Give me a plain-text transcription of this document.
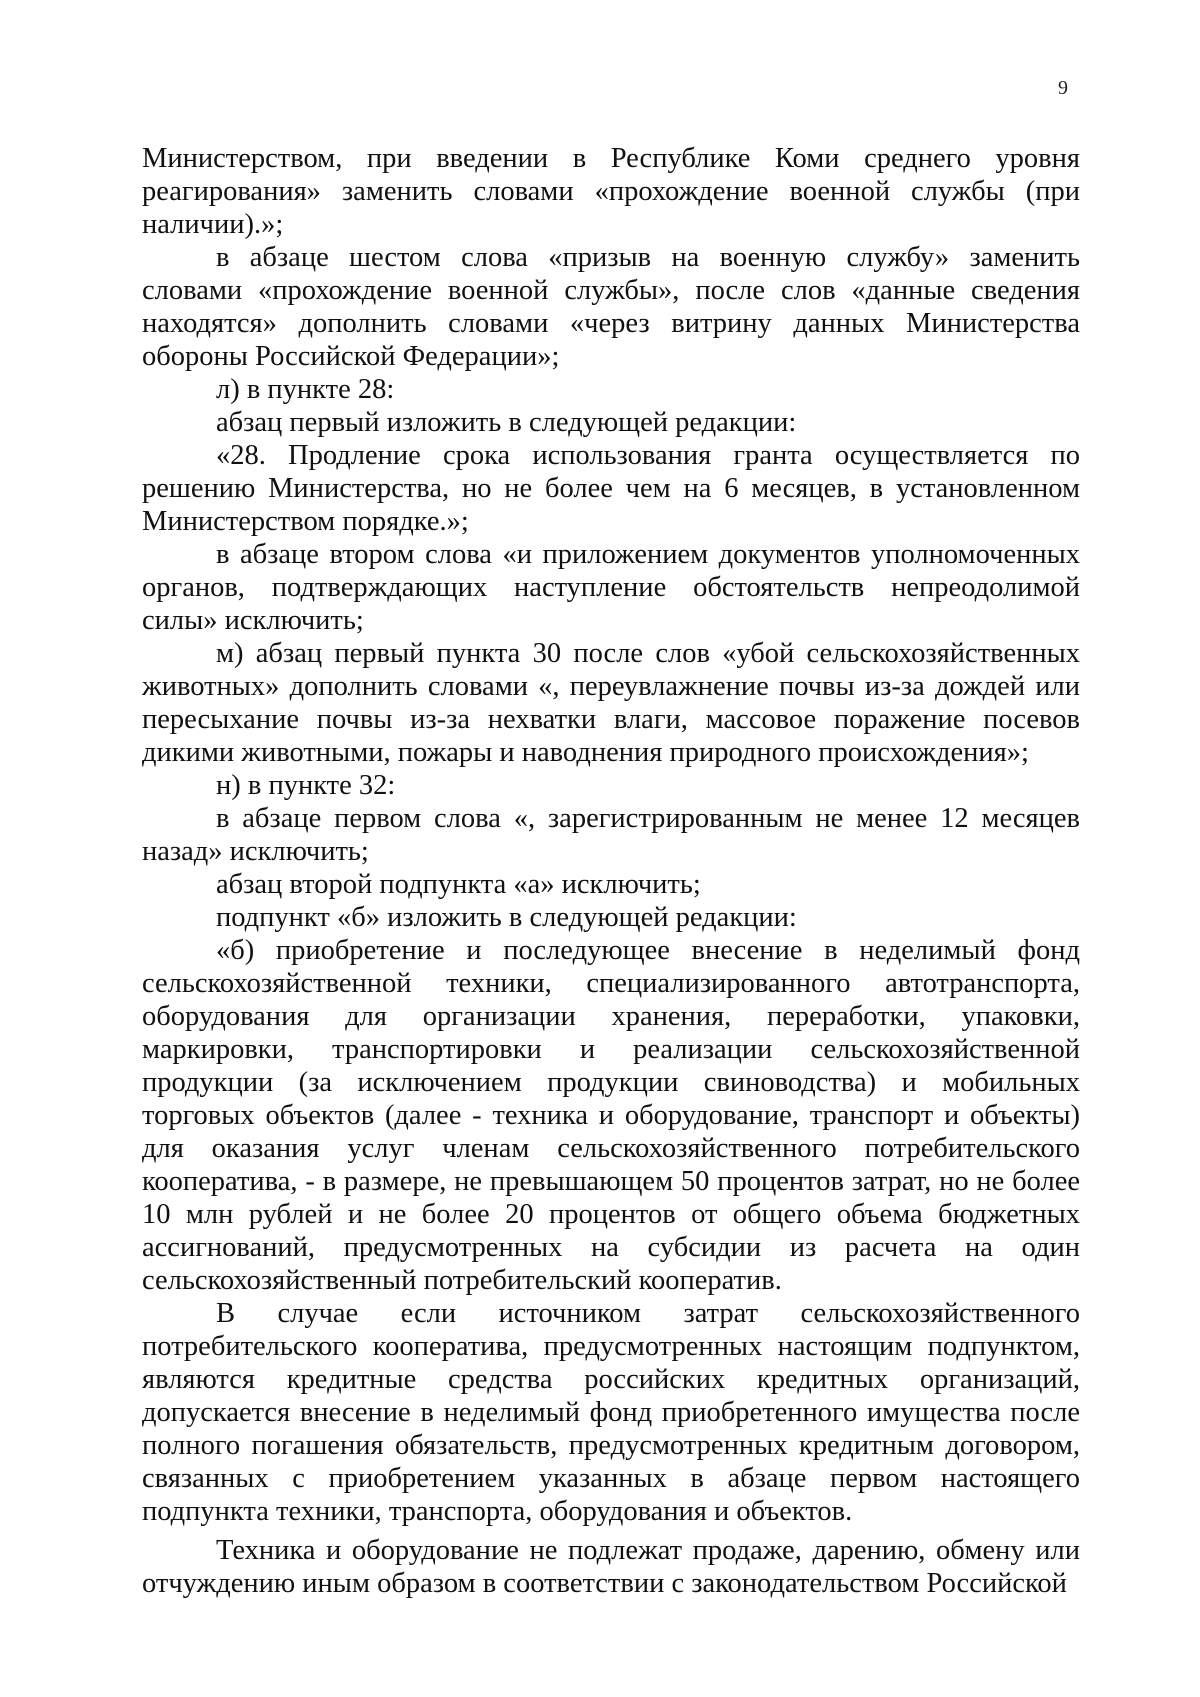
9

Министерством, при введении в Республике Коми среднего уровня реагирования» заменить словами «прохождение военной службы (при наличии).»;

в абзаце шестом слова «призыв на военную службу» заменить словами «прохождение военной службы», после слов «данные сведения находятся» дополнить словами «через витрину данных Министерства обороны Российской Федерации»;

л) в пункте 28:

абзац первый изложить в следующей редакции:

«28. Продление срока использования гранта осуществляется по решению Министерства, но не более чем на 6 месяцев, в установленном Министерством порядке.»;

в абзаце втором слова «и приложением документов уполномоченных органов, подтверждающих наступление обстоятельств непреодолимой силы» исключить;

м) абзац первый пункта 30 после слов «убой сельскохозяйственных животных» дополнить словами «, переувлажнение почвы из-за дождей или пересыхание почвы из-за нехватки влаги, массовое поражение посевов дикими животными, пожары и наводнения природного происхождения»;

н) в пункте 32:

в абзаце первом слова «, зарегистрированным не менее 12 месяцев назад» исключить;

абзац второй подпункта «а» исключить;

подпункт «б» изложить в следующей редакции:

«б) приобретение и последующее внесение в неделимый фонд сельскохозяйственной техники, специализированного автотранспорта, оборудования для организации хранения, переработки, упаковки, маркировки, транспортировки и реализации сельскохозяйственной продукции (за исключением продукции свиноводства) и мобильных торговых объектов (далее - техника и оборудование, транспорт и объекты) для оказания услуг членам сельскохозяйственного потребительского кооператива, - в размере, не превышающем 50 процентов затрат, но не более 10 млн рублей и не более 20 процентов от общего объема бюджетных ассигнований, предусмотренных на субсидии из расчета на один сельскохозяйственный потребительский кооператив.

В случае если источником затрат сельскохозяйственного потребительского кооператива, предусмотренных настоящим подпунктом, являются кредитные средства российских кредитных организаций, допускается внесение в неделимый фонд приобретенного имущества после полного погашения обязательств, предусмотренных кредитным договором, связанных с приобретением указанных в абзаце первом настоящего подпункта техники, транспорта, оборудования и объектов.

Техника и оборудование не подлежат продаже, дарению, обмену или отчуждению иным образом в соответствии с законодательством Российской
